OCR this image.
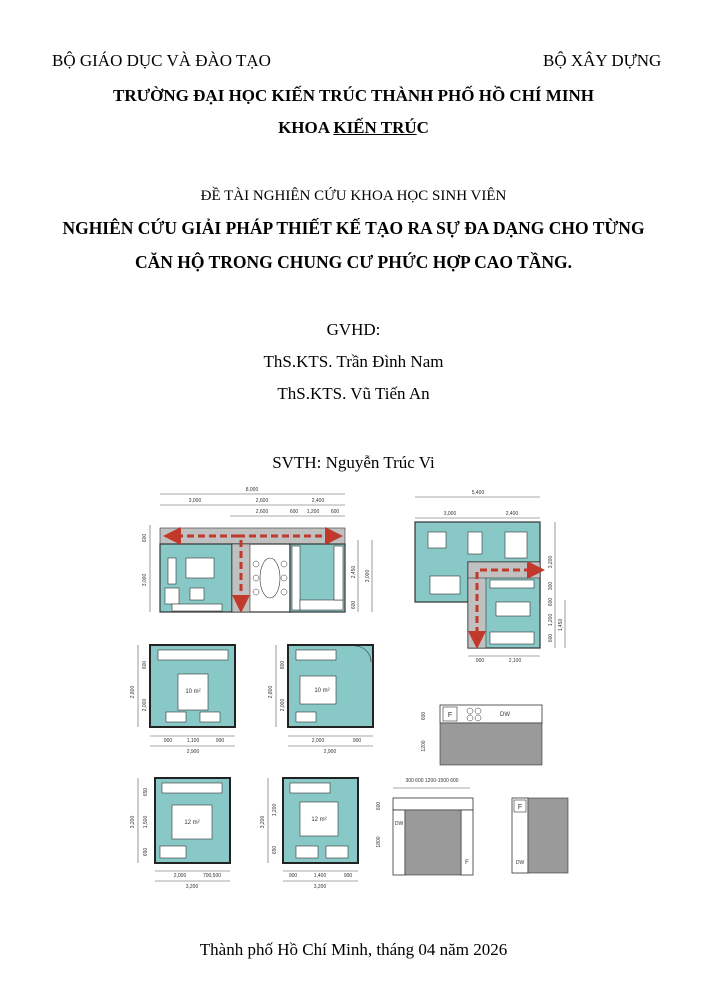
BỘ GIÁO DỤC VÀ ĐÀO TẠO	BỘ XÂY DỰNG
TRƯỜNG ĐẠI HỌC KIẾN TRÚC THÀNH PHỐ HỒ CHÍ MINH
KHOA KIẾN TRÚC
ĐỀ TÀI NGHIÊN CỨU KHOA HỌC SINH VIÊN
NGHIÊN CỨU GIẢI PHÁP THIẾT KẾ TẠO RA SỰ ĐA DẠNG CHO TỪNG
CĂN HỘ TRONG CHUNG CƯ PHỨC HỢP CAO TẦNG.
GVHD:
ThS.KTS. Trần Đình Nam
ThS.KTS. Vũ Tiến An
SVTH: Nguyễn Trúc Vi
8,000
3,000	2,600	2,400
2,600	600 1,200 600
600
3,000
2,450
600
3,000
5,400
3,000	2,400
3,200
300
600
1,200
600
1,450
900	2,100
10 m²
2,800
600
2,000
900	1,100	900
2,900
10 m²
2,800
800
2,000
2,000	900
2,900
12 m²
3,200
650
1,500
650
2,000	700,500
3,200
12 m²
3,200
1,200
650
900	1,400	900
3,200
F	DW
600
1200
300 600 1200-1500 600
DW
F
600
1800
F
DW
Thành phố Hồ Chí Minh, tháng 04 năm 2026
